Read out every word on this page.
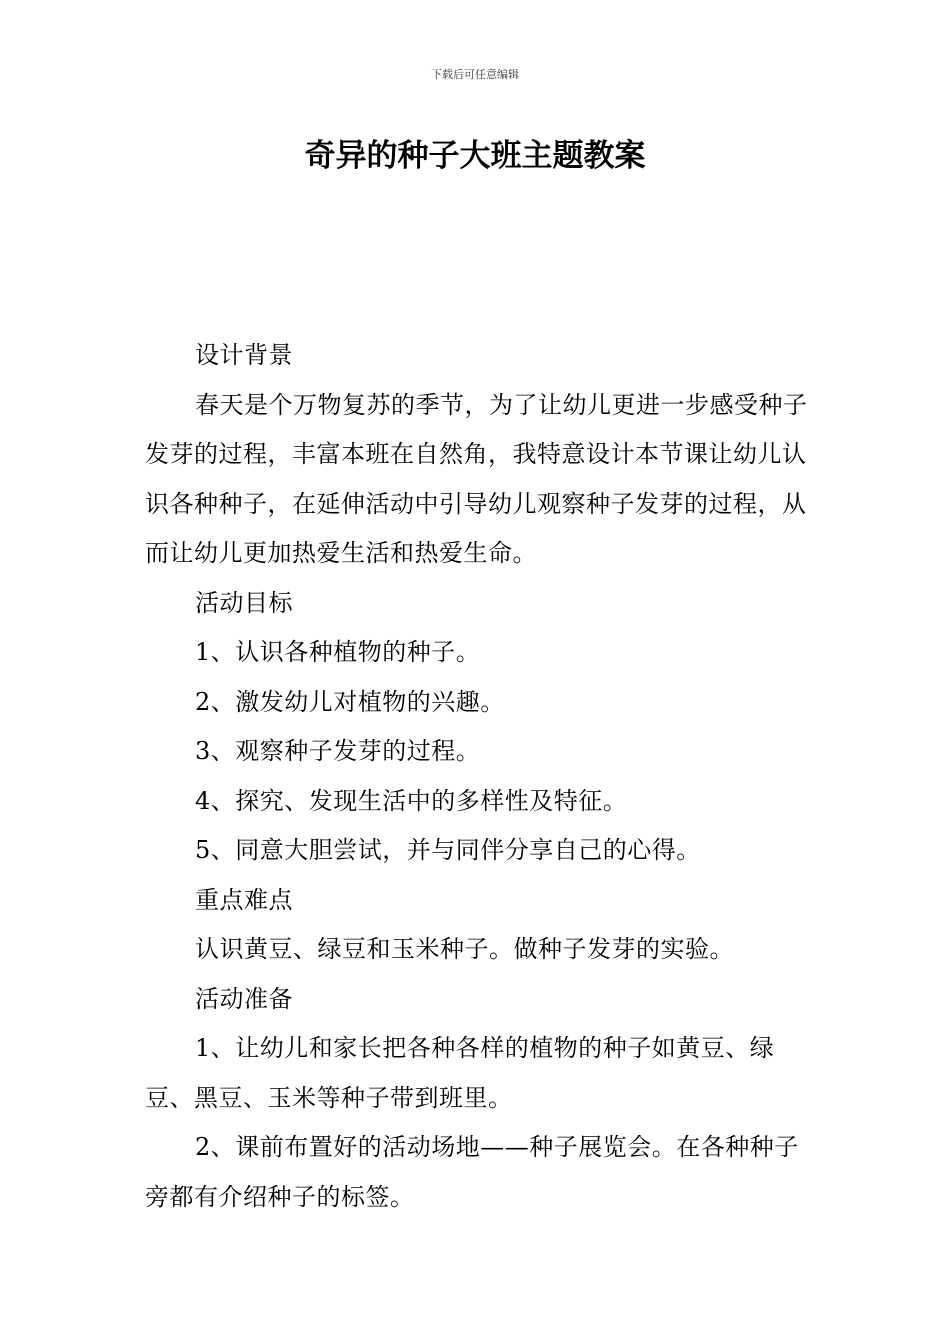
下载后可任意编辑
奇异的种子大班主题教案

设计背景

春天是个万物复苏的季节，为了让幼儿更进一步感受种子发芽的过程，丰富本班在自然角，我特意设计本节课让幼儿认识各种种子，在延伸活动中引导幼儿观察种子发芽的过程，从而让幼儿更加热爱生活和热爱生命。

活动目标

1、认识各种植物的种子。

2、激发幼儿对植物的兴趣。

3、观察种子发芽的过程。

4、探究、发现生活中的多样性及特征。

5、同意大胆尝试，并与同伴分享自己的心得。

重点难点

认识黄豆、绿豆和玉米种子。做种子发芽的实验。

活动准备

1、让幼儿和家长把各种各样的植物的种子如黄豆、绿豆、黑豆、玉米等种子带到班里。

2、课前布置好的活动场地——种子展览会。在各种种子旁都有介绍种子的标签。
